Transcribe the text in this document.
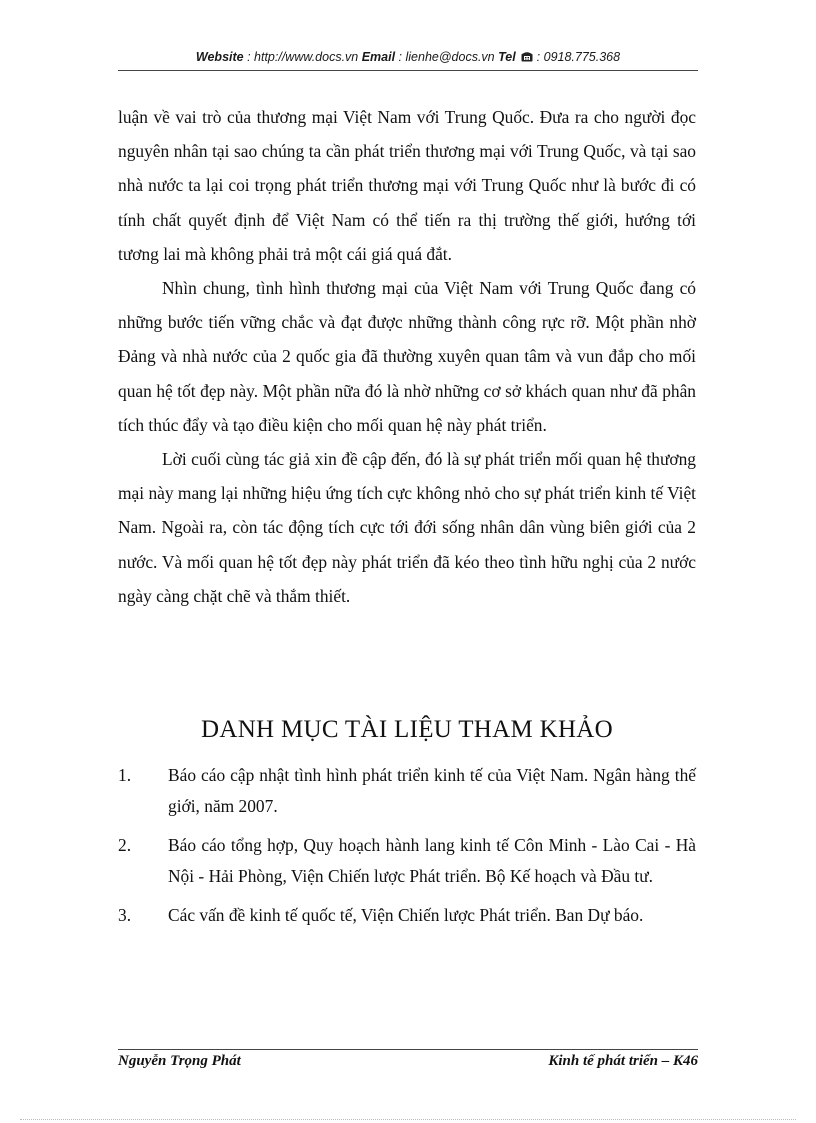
Website : http://www.docs.vn Email : lienhe@docs.vn Tel  : 0918.775.368

luận về vai trò của thương mại Việt Nam với Trung Quốc. Đưa ra cho người đọc nguyên nhân tại sao chúng ta cần phát triển thương mại với Trung Quốc, và tại sao nhà nước ta lại coi trọng phát triển thương mại với Trung Quốc như là bước đi có tính chất quyết định để Việt Nam có thể tiến ra thị trường thế giới, hướng tới tương lai mà không phải trả một cái giá quá đắt.

Nhìn chung, tình hình thương mại của Việt Nam với Trung Quốc đang có những bước tiến vững chắc và đạt được những thành công rực rỡ. Một phần nhờ Đảng và nhà nước của 2 quốc gia đã thường xuyên quan tâm và vun đắp cho mối quan hệ tốt đẹp này. Một phần nữa đó là nhờ những cơ sở khách quan như đã phân tích thúc đẩy và tạo điều kiện cho mối quan hệ này phát triển.

Lời cuối cùng tác giả xin đề cập đến, đó là sự phát triển mối quan hệ thương mại này mang lại những hiệu ứng tích cực không nhỏ cho sự phát triển kinh tế Việt Nam. Ngoài ra, còn tác động tích cực tới đới sống nhân dân vùng biên giới của 2 nước. Và mối quan hệ tốt đẹp này phát triển đã kéo theo tình hữu nghị của 2 nước ngày càng chặt chẽ và thắm thiết.

DANH MỤC TÀI LIỆU THAM KHẢO
1.	Báo cáo cập nhật tình hình phát triển kinh tế của Việt Nam. Ngân hàng thế giới, năm 2007.
2.	Báo cáo tổng hợp, Quy hoạch hành lang kinh tế Côn Minh - Lào Cai - Hà Nội - Hải Phòng, Viện Chiến lược Phát triển. Bộ Kế hoạch và Đầu tư.
3.	Các vấn đề kinh tế quốc tế, Viện Chiến lược Phát triển. Ban Dự báo.
Nguyễn Trọng Phát	Kinh tế phát triển – K46
